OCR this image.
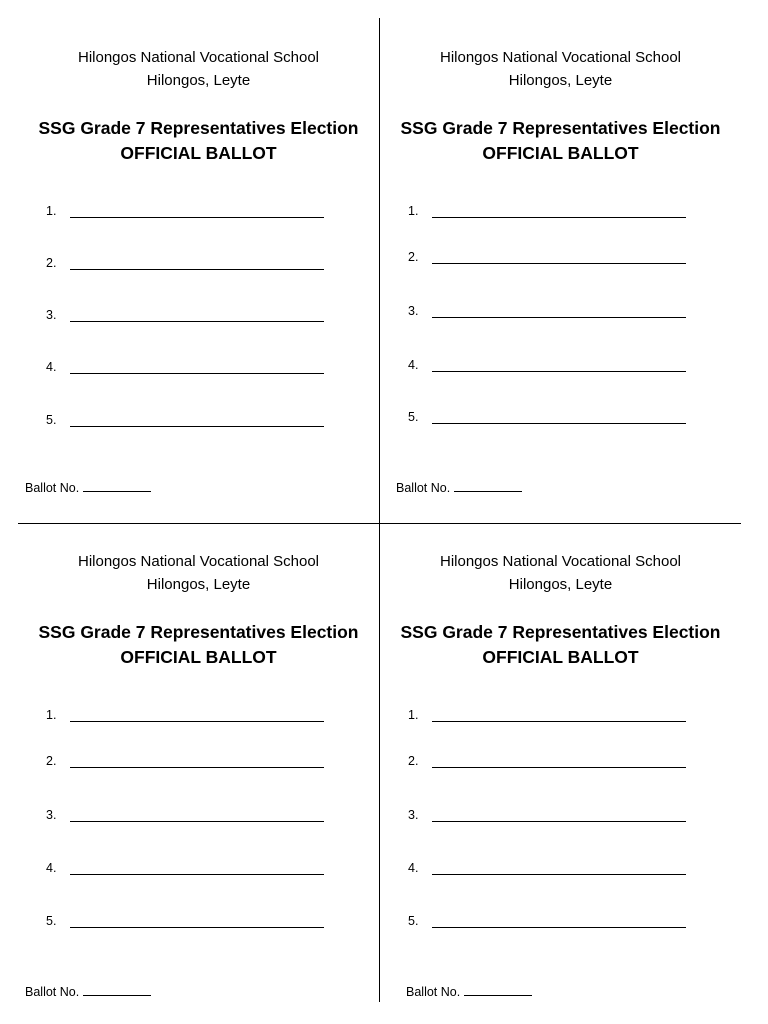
Hilongos National Vocational School
Hilongos, Leyte
SSG Grade 7 Representatives Election
OFFICIAL BALLOT
1.
2.
3.
4.
5.
Ballot No.
Hilongos National Vocational School
Hilongos, Leyte
SSG Grade 7 Representatives Election
OFFICIAL BALLOT
1.
2.
3.
4.
5.
Ballot No.
Hilongos National Vocational School
Hilongos, Leyte
SSG Grade 7 Representatives Election
OFFICIAL BALLOT
1.
2.
3.
4.
5.
Ballot No.
Hilongos National Vocational School
Hilongos, Leyte
SSG Grade 7 Representatives Election
OFFICIAL BALLOT
1.
2.
3.
4.
5.
Ballot No.
